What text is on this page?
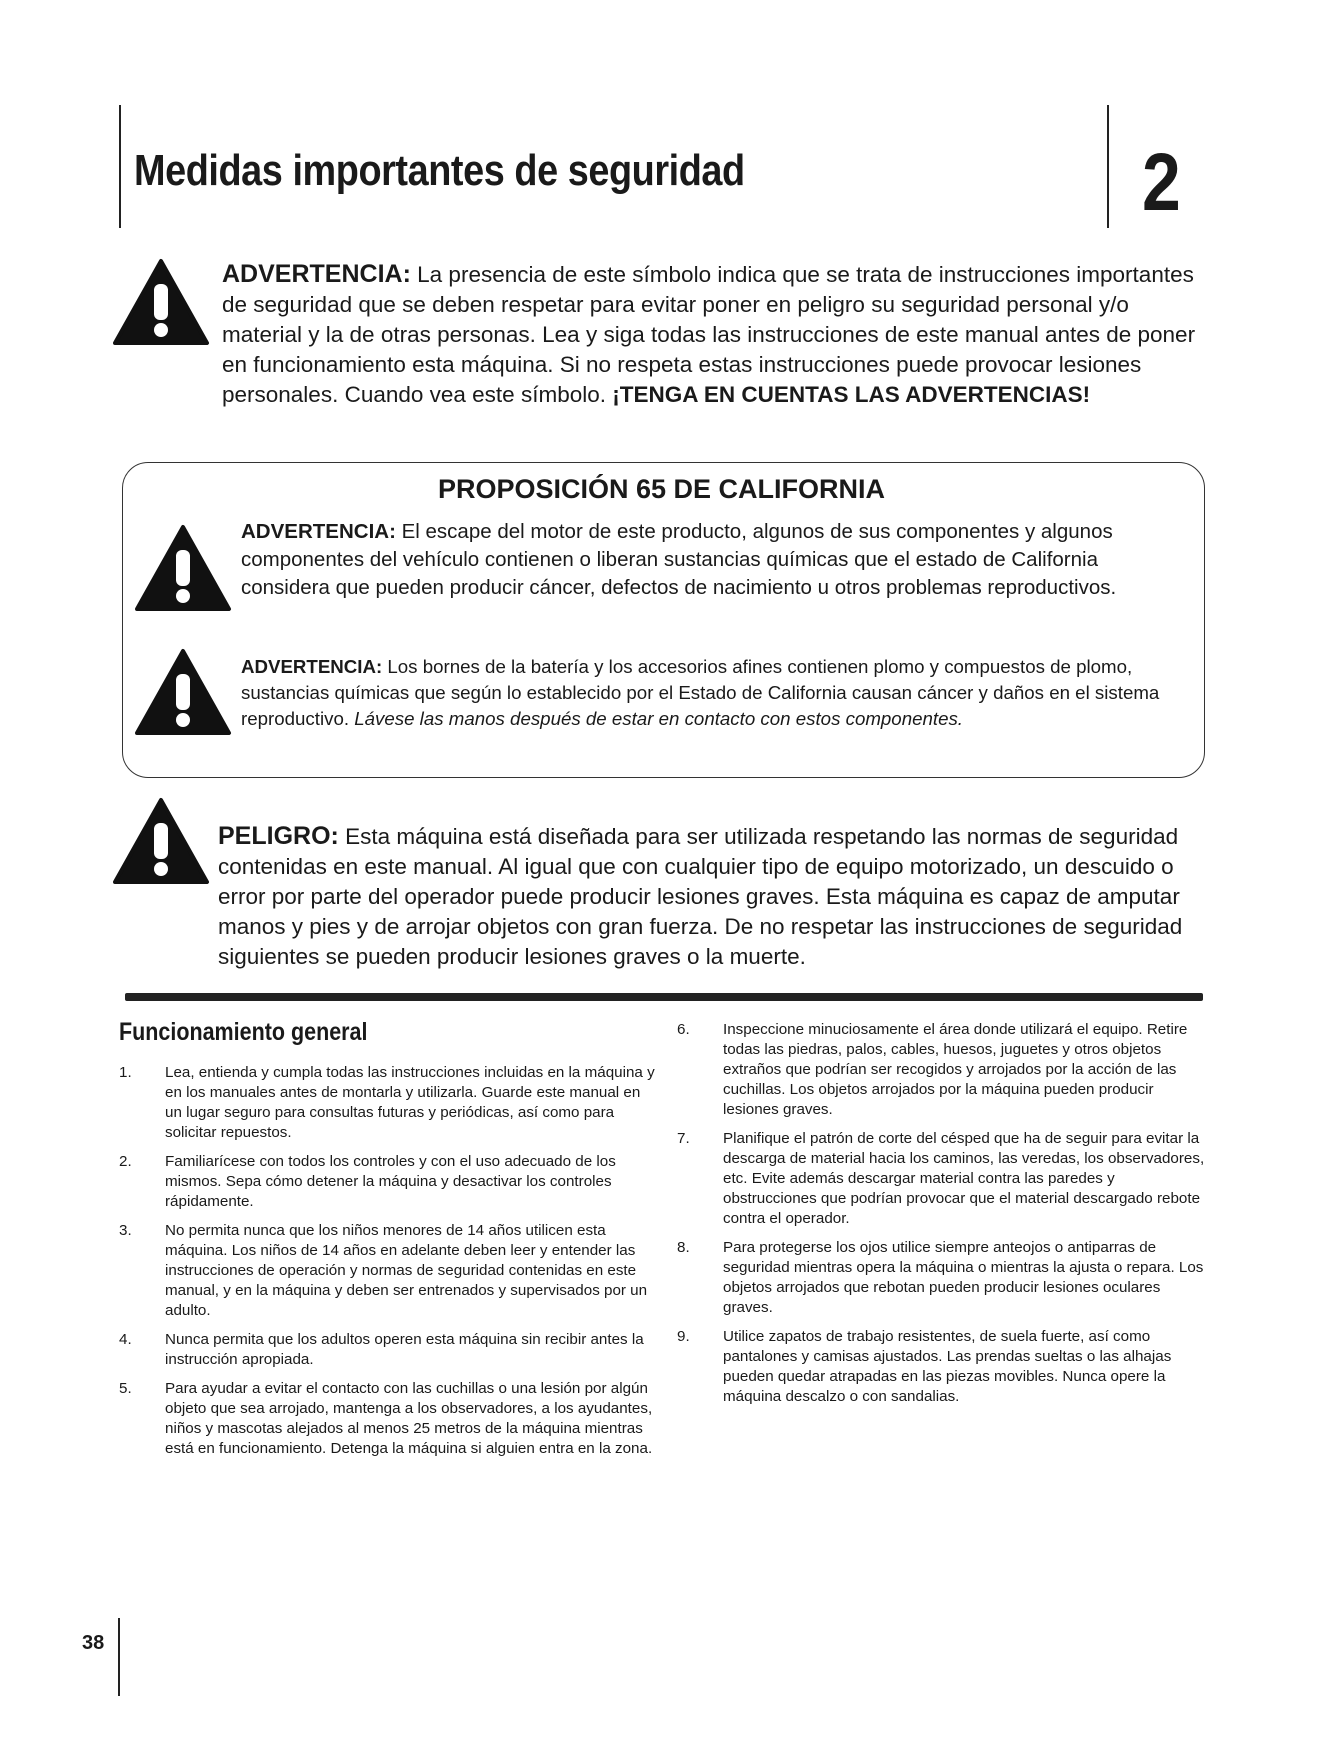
Medidas importantes de seguridad	2
ADVERTENCIA: La presencia de este símbolo indica que se trata de instrucciones importantes de seguridad que se deben respetar para evitar poner en peligro su seguridad personal y/o material y la de otras personas. Lea y siga todas las instrucciones de este manual antes de poner en funcionamiento esta máquina. Si no respeta estas instrucciones puede provocar lesiones personales. Cuando vea este símbolo. ¡TENGA EN CUENTAS LAS ADVERTENCIAS!
PROPOSICIÓN 65 DE CALIFORNIA
ADVERTENCIA: El escape del motor de este producto, algunos de sus componentes y algunos componentes del vehículo contienen o liberan sustancias químicas que el estado de California considera que pueden producir cáncer, defectos de nacimiento u otros problemas reproductivos.
ADVERTENCIA: Los bornes de la batería y los accesorios afines contienen plomo y compuestos de plomo, sustancias químicas que según lo establecido por el Estado de California causan cáncer y daños en el sistema reproductivo. Lávese las manos después de estar en contacto con estos componentes.
PELIGRO: Esta máquina está diseñada para ser utilizada respetando las normas de seguridad contenidas en este manual. Al igual que con cualquier tipo de equipo motorizado, un descuido o error por parte del operador puede producir lesiones graves. Esta máquina es capaz de amputar manos y pies y de arrojar objetos con gran fuerza. De no respetar las instrucciones de seguridad siguientes se pueden producir lesiones graves o la muerte.
Funcionamiento general
1. Lea, entienda y cumpla todas las instrucciones incluidas en la máquina y en los manuales antes de montarla y utilizarla. Guarde este manual en un lugar seguro para consultas futuras y periódicas, así como para solicitar repuestos.
2. Familiarícese con todos los controles y con el uso adecuado de los mismos. Sepa cómo detener la máquina y desactivar los controles rápidamente.
3. No permita nunca que los niños menores de 14 años utilicen esta máquina. Los niños de 14 años en adelante deben leer y entender las instrucciones de operación y normas de seguridad contenidas en este manual, y en la máquina y deben ser entrenados y supervisados por un adulto.
4. Nunca permita que los adultos operen esta máquina sin recibir antes la instrucción apropiada.
5. Para ayudar a evitar el contacto con las cuchillas o una lesión por algún objeto que sea arrojado, mantenga a los observadores, a los ayudantes, niños y mascotas alejados al menos 25 metros de la máquina mientras está en funcionamiento. Detenga la máquina si alguien entra en la zona.
6. Inspeccione minuciosamente el área donde utilizará el equipo. Retire todas las piedras, palos, cables, huesos, juguetes y otros objetos extraños que podrían ser recogidos y arrojados por la acción de las cuchillas. Los objetos arrojados por la máquina pueden producir lesiones graves.
7. Planifique el patrón de corte del césped que ha de seguir para evitar la descarga de material hacia los caminos, las veredas, los observadores, etc. Evite además descargar material contra las paredes y obstrucciones que podrían provocar que el material descargado rebote contra el operador.
8. Para protegerse los ojos utilice siempre anteojos o antiparras de seguridad mientras opera la máquina o mientras la ajusta o repara. Los objetos arrojados que rebotan pueden producir lesiones oculares graves.
9. Utilice zapatos de trabajo resistentes, de suela fuerte, así como pantalones y camisas ajustados. Las prendas sueltas o las alhajas pueden quedar atrapadas en las piezas movibles. Nunca opere la máquina descalzo o con sandalias.
38
